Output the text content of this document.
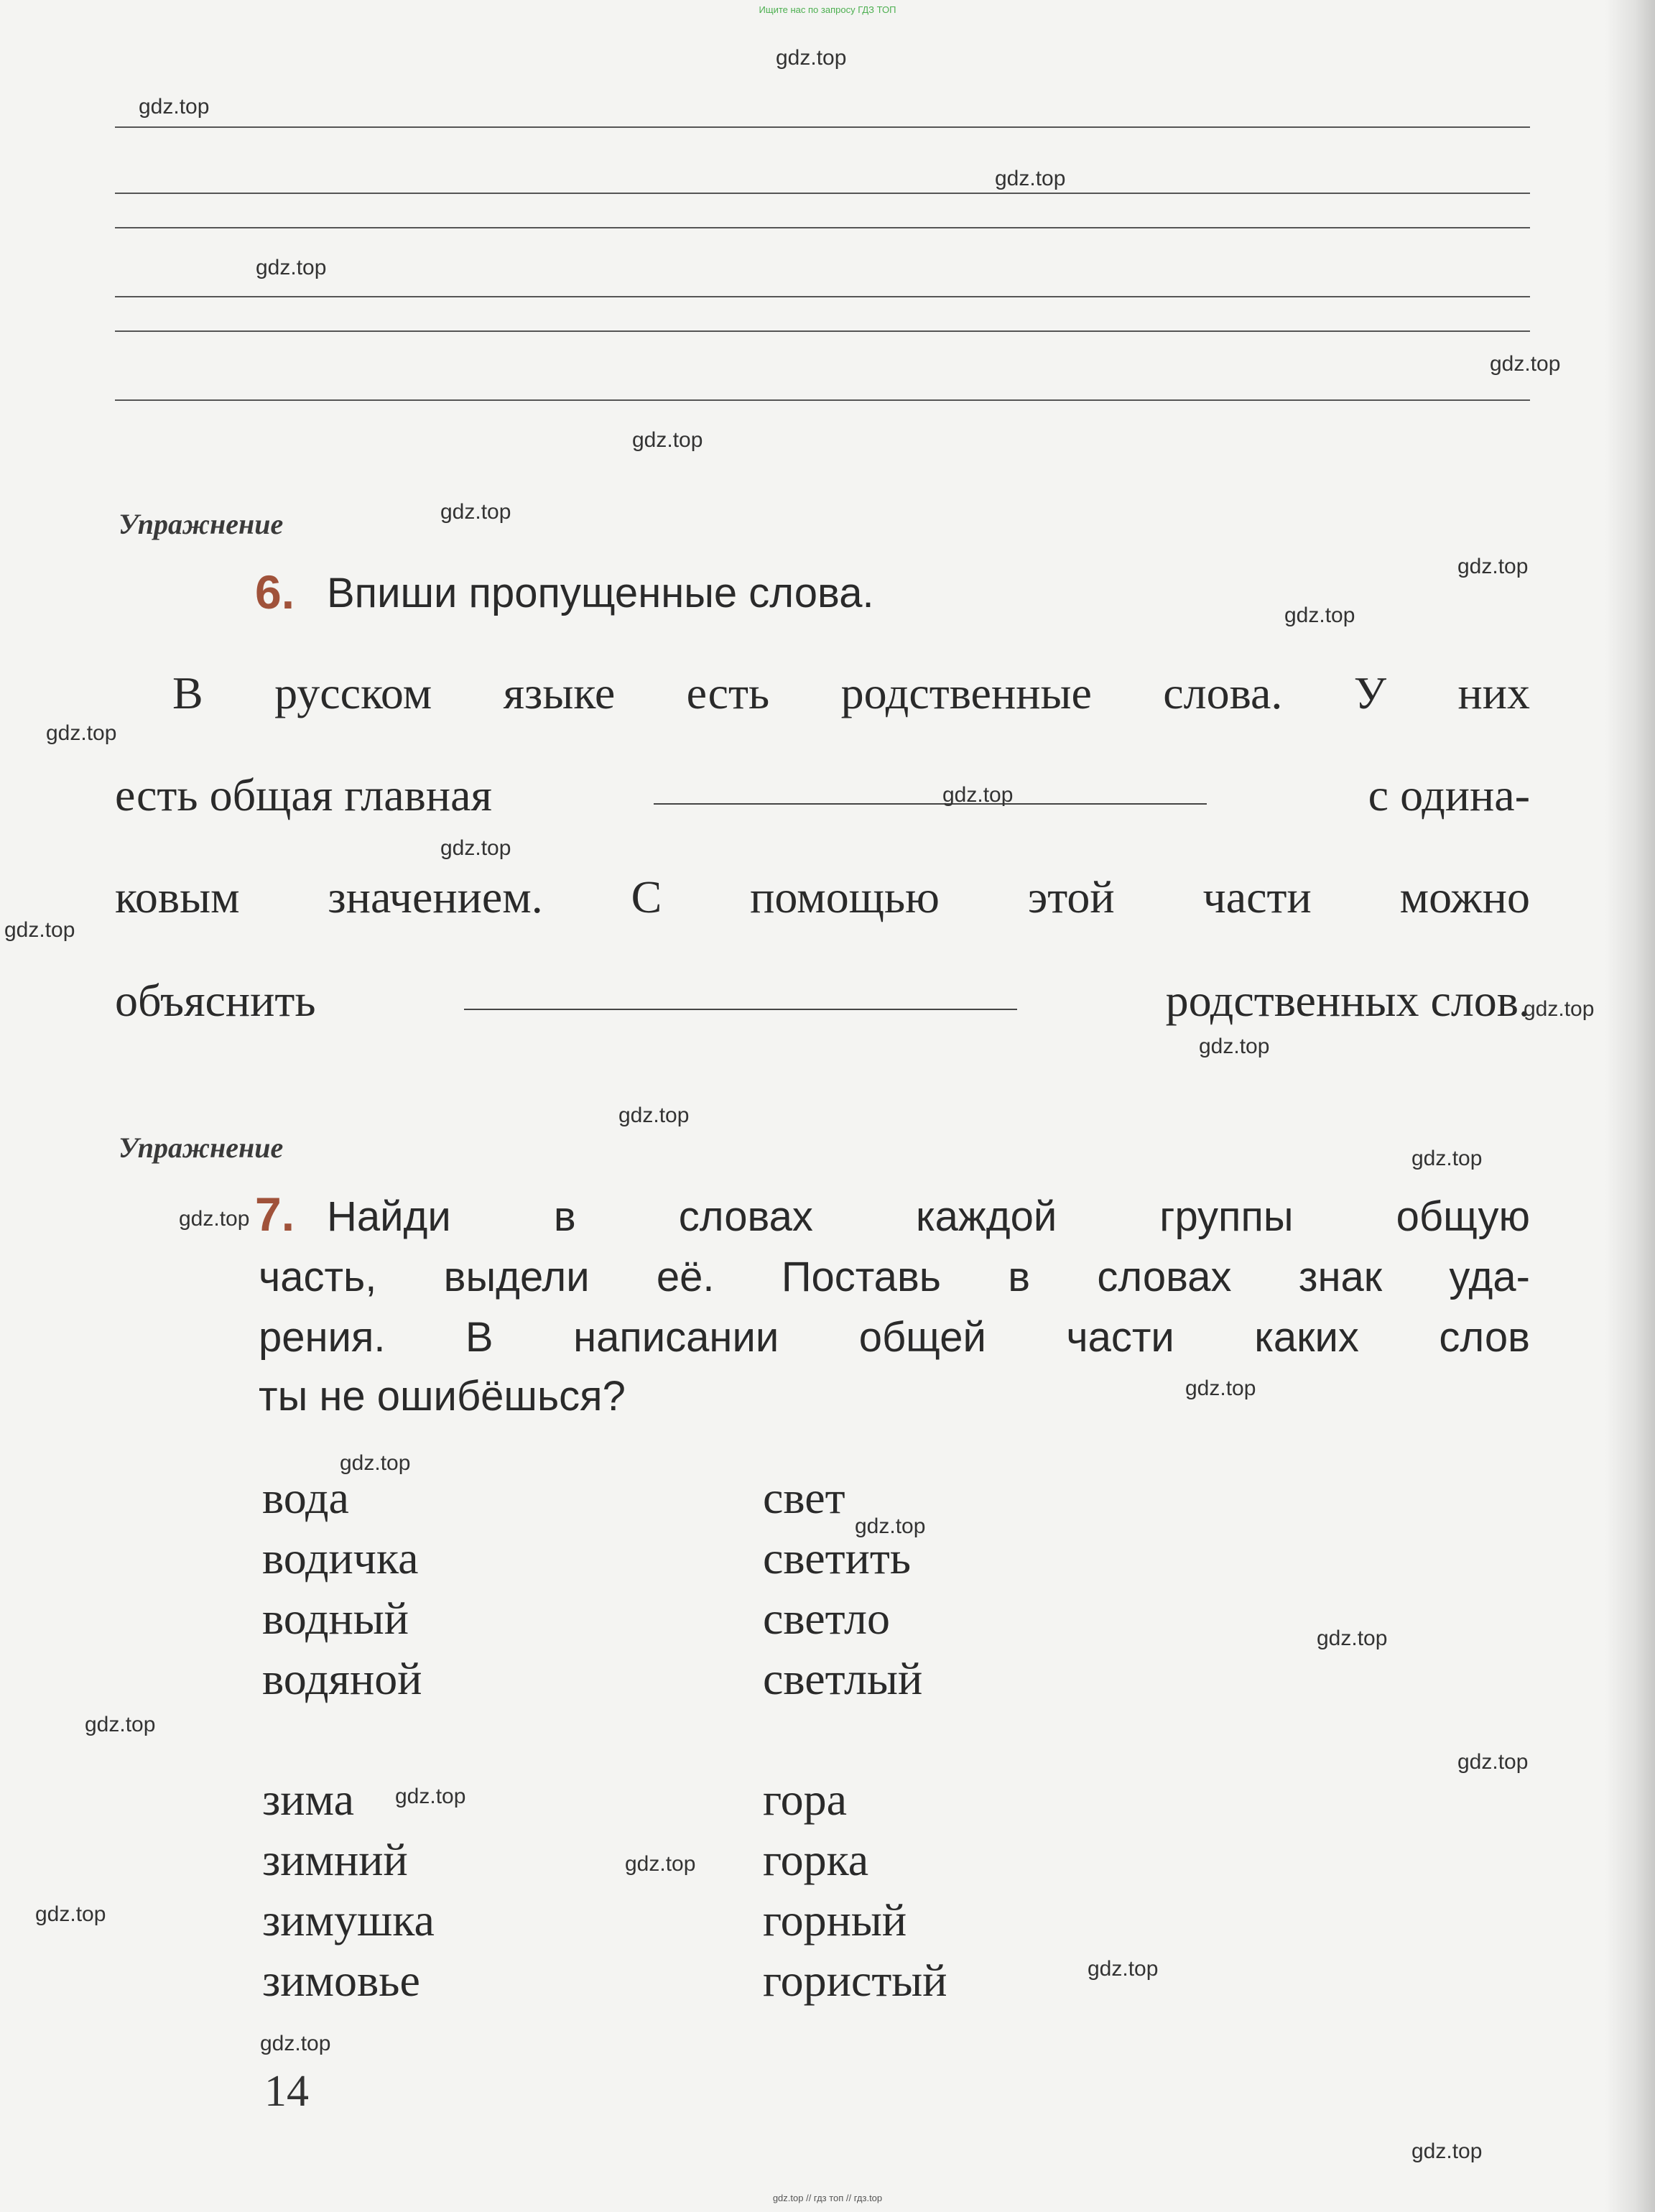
Ищите нас по запросу ГДЗ ТОП
Упражнение
6. Впиши пропущенные слова.
В русском языке есть родственные слова. У них
есть общая главная	с одина-
ковым значением. С помощью этой части можно
объяснить	родственных слов.
Упражнение
7. Найди в словах каждой группы общую
часть, выдели её. Поставь в словах знак уда-
рения. В написании общей части каких слов
ты не ошибёшься?
вода
водичка
водный
водяной
свет
светить
светло
светлый
зима
зимний
зимушка
зимовье
гора
горка
горный
гористый
14
gdz.top
gdz.top
gdz.top
gdz.top
gdz.top
gdz.top
gdz.top
gdz.top
gdz.top
gdz.top
gdz.top
gdz.top
gdz.top
gdz.top
gdz.top
gdz.top
gdz.top
gdz.top
gdz.top
gdz.top
gdz.top
gdz.top
gdz.top
gdz.top
gdz.top
gdz.top
gdz.top
gdz.top
gdz.top
gdz.top
gdz.top // гдз топ // гдз.top
